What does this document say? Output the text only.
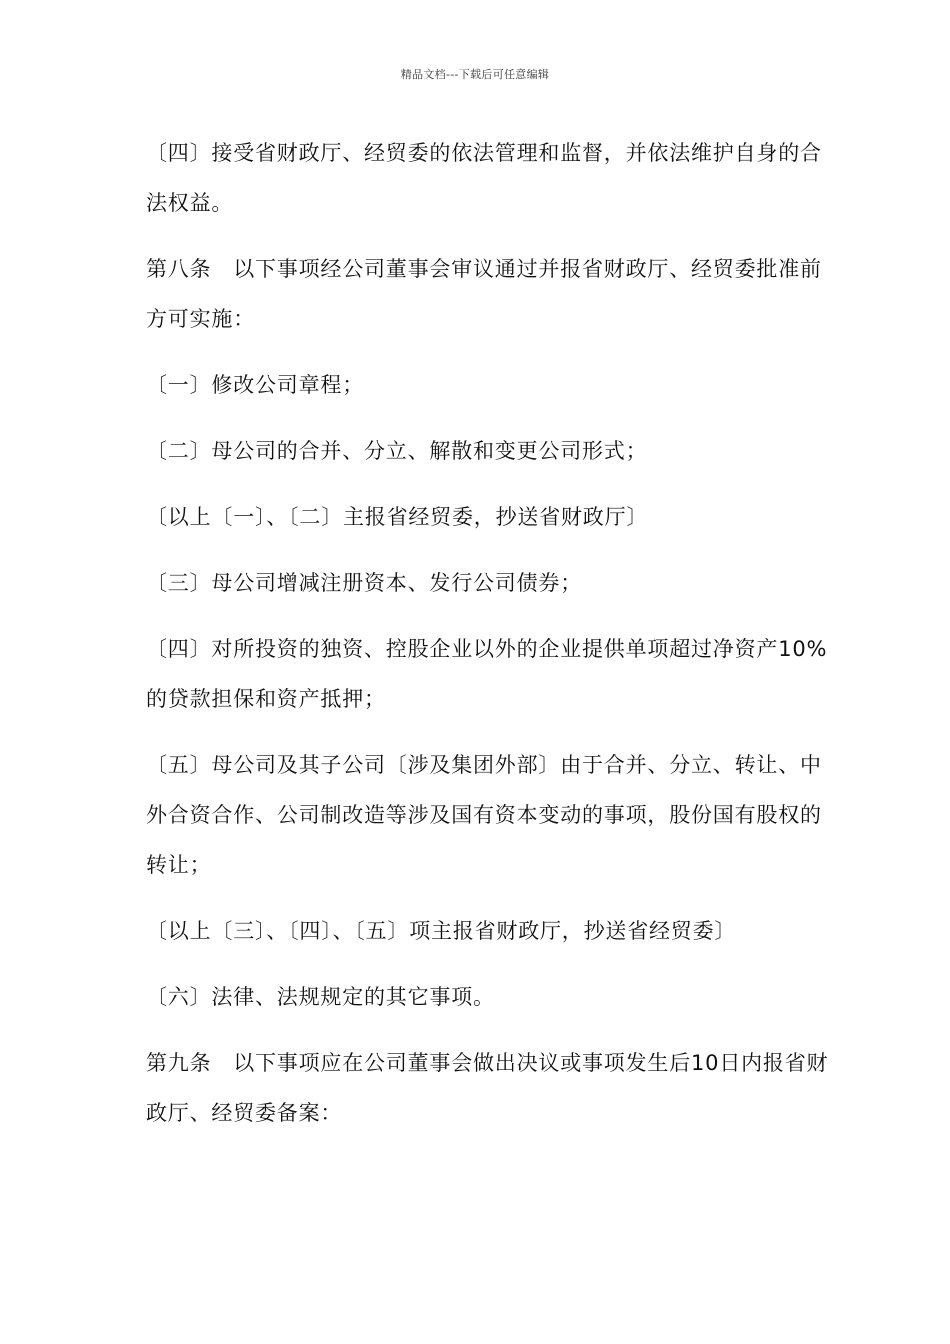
精品文档---下载后可任意编辑

〔四〕接受省财政厅、经贸委的依法管理和监督，并依法维护自身的合法权益。

第八条　以下事项经公司董事会审议通过并报省财政厅、经贸委批准前方可实施：

〔一〕修改公司章程；

〔二〕母公司的合并、分立、解散和变更公司形式；

〔以上〔一〕、〔二〕主报省经贸委，抄送省财政厅〕

〔三〕母公司增减注册资本、发行公司债券；

〔四〕对所投资的独资、控股企业以外的企业提供单项超过净资产10%的贷款担保和资产抵押；

〔五〕母公司及其子公司〔涉及集团外部〕由于合并、分立、转让、中外合资合作、公司制改造等涉及国有资本变动的事项，股份国有股权的转让；

〔以上〔三〕、〔四〕、〔五〕项主报省财政厅，抄送省经贸委〕

〔六〕法律、法规规定的其它事项。

第九条　以下事项应在公司董事会做出决议或事项发生后10日内报省财政厅、经贸委备案：
